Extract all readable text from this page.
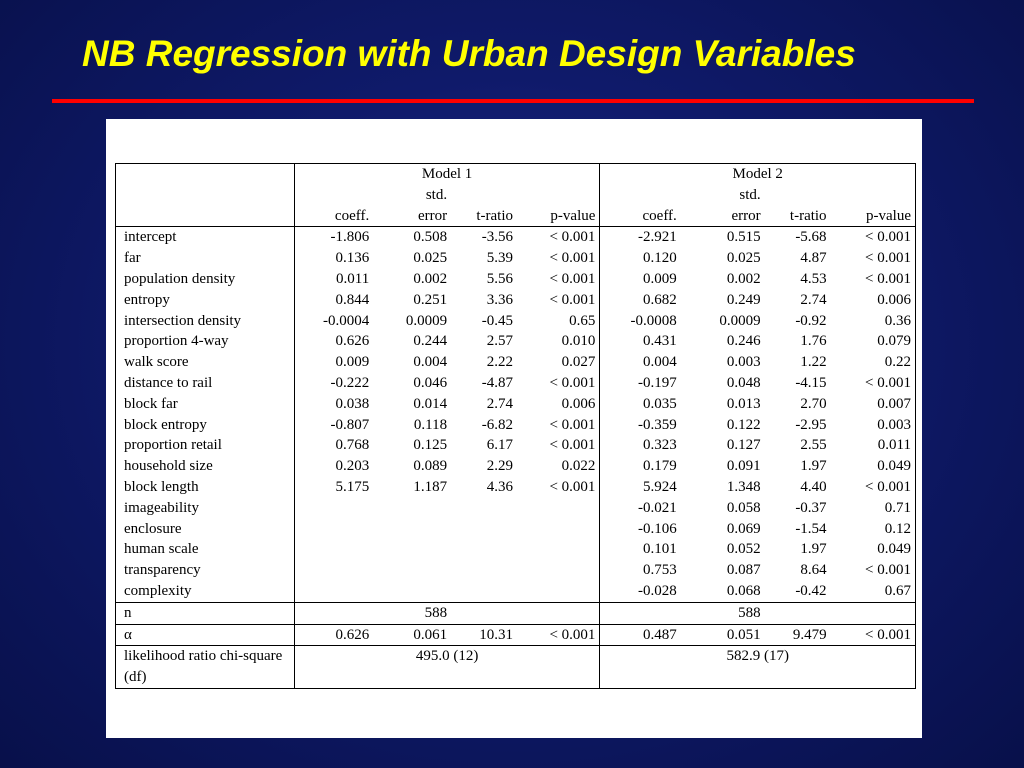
NB Regression with Urban Design Variables
	Model 1				Model 2			
		std.				std.		
	coeff.	error	t-ratio	p-value	coeff.	error	t-ratio	p-value
intercept	-1.806	0.508	-3.56	< 0.001	-2.921	0.515	-5.68	< 0.001
far	0.136	0.025	5.39	< 0.001	0.120	0.025	4.87	< 0.001
population density	0.011	0.002	5.56	< 0.001	0.009	0.002	4.53	< 0.001
entropy	0.844	0.251	3.36	< 0.001	0.682	0.249	2.74	0.006
intersection density	-0.0004	0.0009	-0.45	0.65	-0.0008	0.0009	-0.92	0.36
proportion 4-way	0.626	0.244	2.57	0.010	0.431	0.246	1.76	0.079
walk score	0.009	0.004	2.22	0.027	0.004	0.003	1.22	0.22
distance to rail	-0.222	0.046	-4.87	< 0.001	-0.197	0.048	-4.15	< 0.001
block far	0.038	0.014	2.74	0.006	0.035	0.013	2.70	0.007
block entropy	-0.807	0.118	-6.82	< 0.001	-0.359	0.122	-2.95	0.003
proportion retail	0.768	0.125	6.17	< 0.001	0.323	0.127	2.55	0.011
household size	0.203	0.089	2.29	0.022	0.179	0.091	1.97	0.049
block length	5.175	1.187	4.36	< 0.001	5.924	1.348	4.40	< 0.001
imageability					-0.021	0.058	-0.37	0.71
enclosure					-0.106	0.069	-1.54	0.12
human scale					0.101	0.052	1.97	0.049
transparency					0.753	0.087	8.64	< 0.001
complexity					-0.028	0.068	-0.42	0.67
n	588				588			
α	0.626	0.061	10.31	< 0.001	0.487	0.051	9.479	< 0.001
likelihood ratio chi-square (df)	495.0 (12)				582.9 (17)			
